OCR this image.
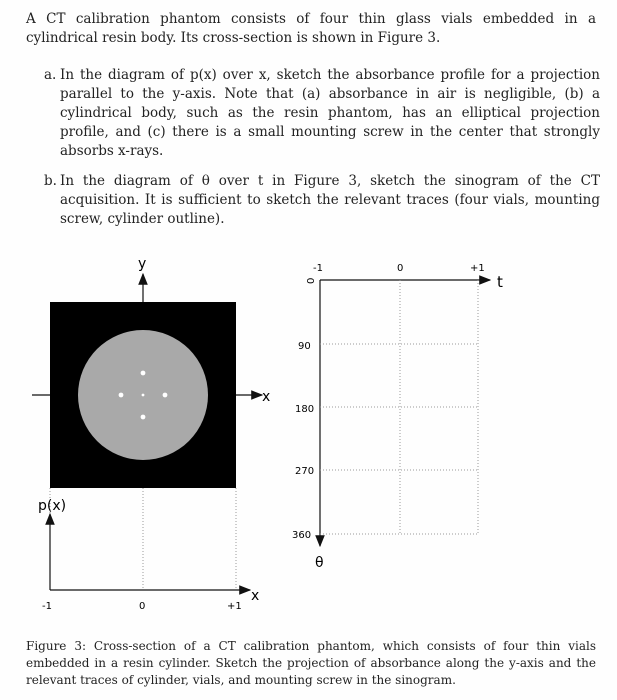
A CT calibration phantom consists of four thin glass vials embedded in a cylindrical resin body. Its cross-section is shown in Figure 3.
a. In the diagram of p(x) over x, sketch the absorbance profile for a projection parallel to the y-axis. Note that (a) absorbance in air is negligible, (b) a cylindrical body, such as the resin phantom, has an elliptical projection profile, and (c) there is a small mounting screw in the center that strongly absorbs x-rays.
b. In the diagram of θ over t in Figure 3, sketch the sinogram of the CT acquisition. It is sufficient to sketch the relevant traces (four vials, mounting screw, cylinder outline).
x
y
p(x)
x
-1	0	+1
-1	0	+1
t
θ
0
90
180
270
360
Figure 3: Cross-section of a CT calibration phantom, which consists of four thin vials embedded in a resin cylinder. Sketch the projection of absorbance along the y-axis and the relevant traces of cylinder, vials, and mounting screw in the sinogram.
